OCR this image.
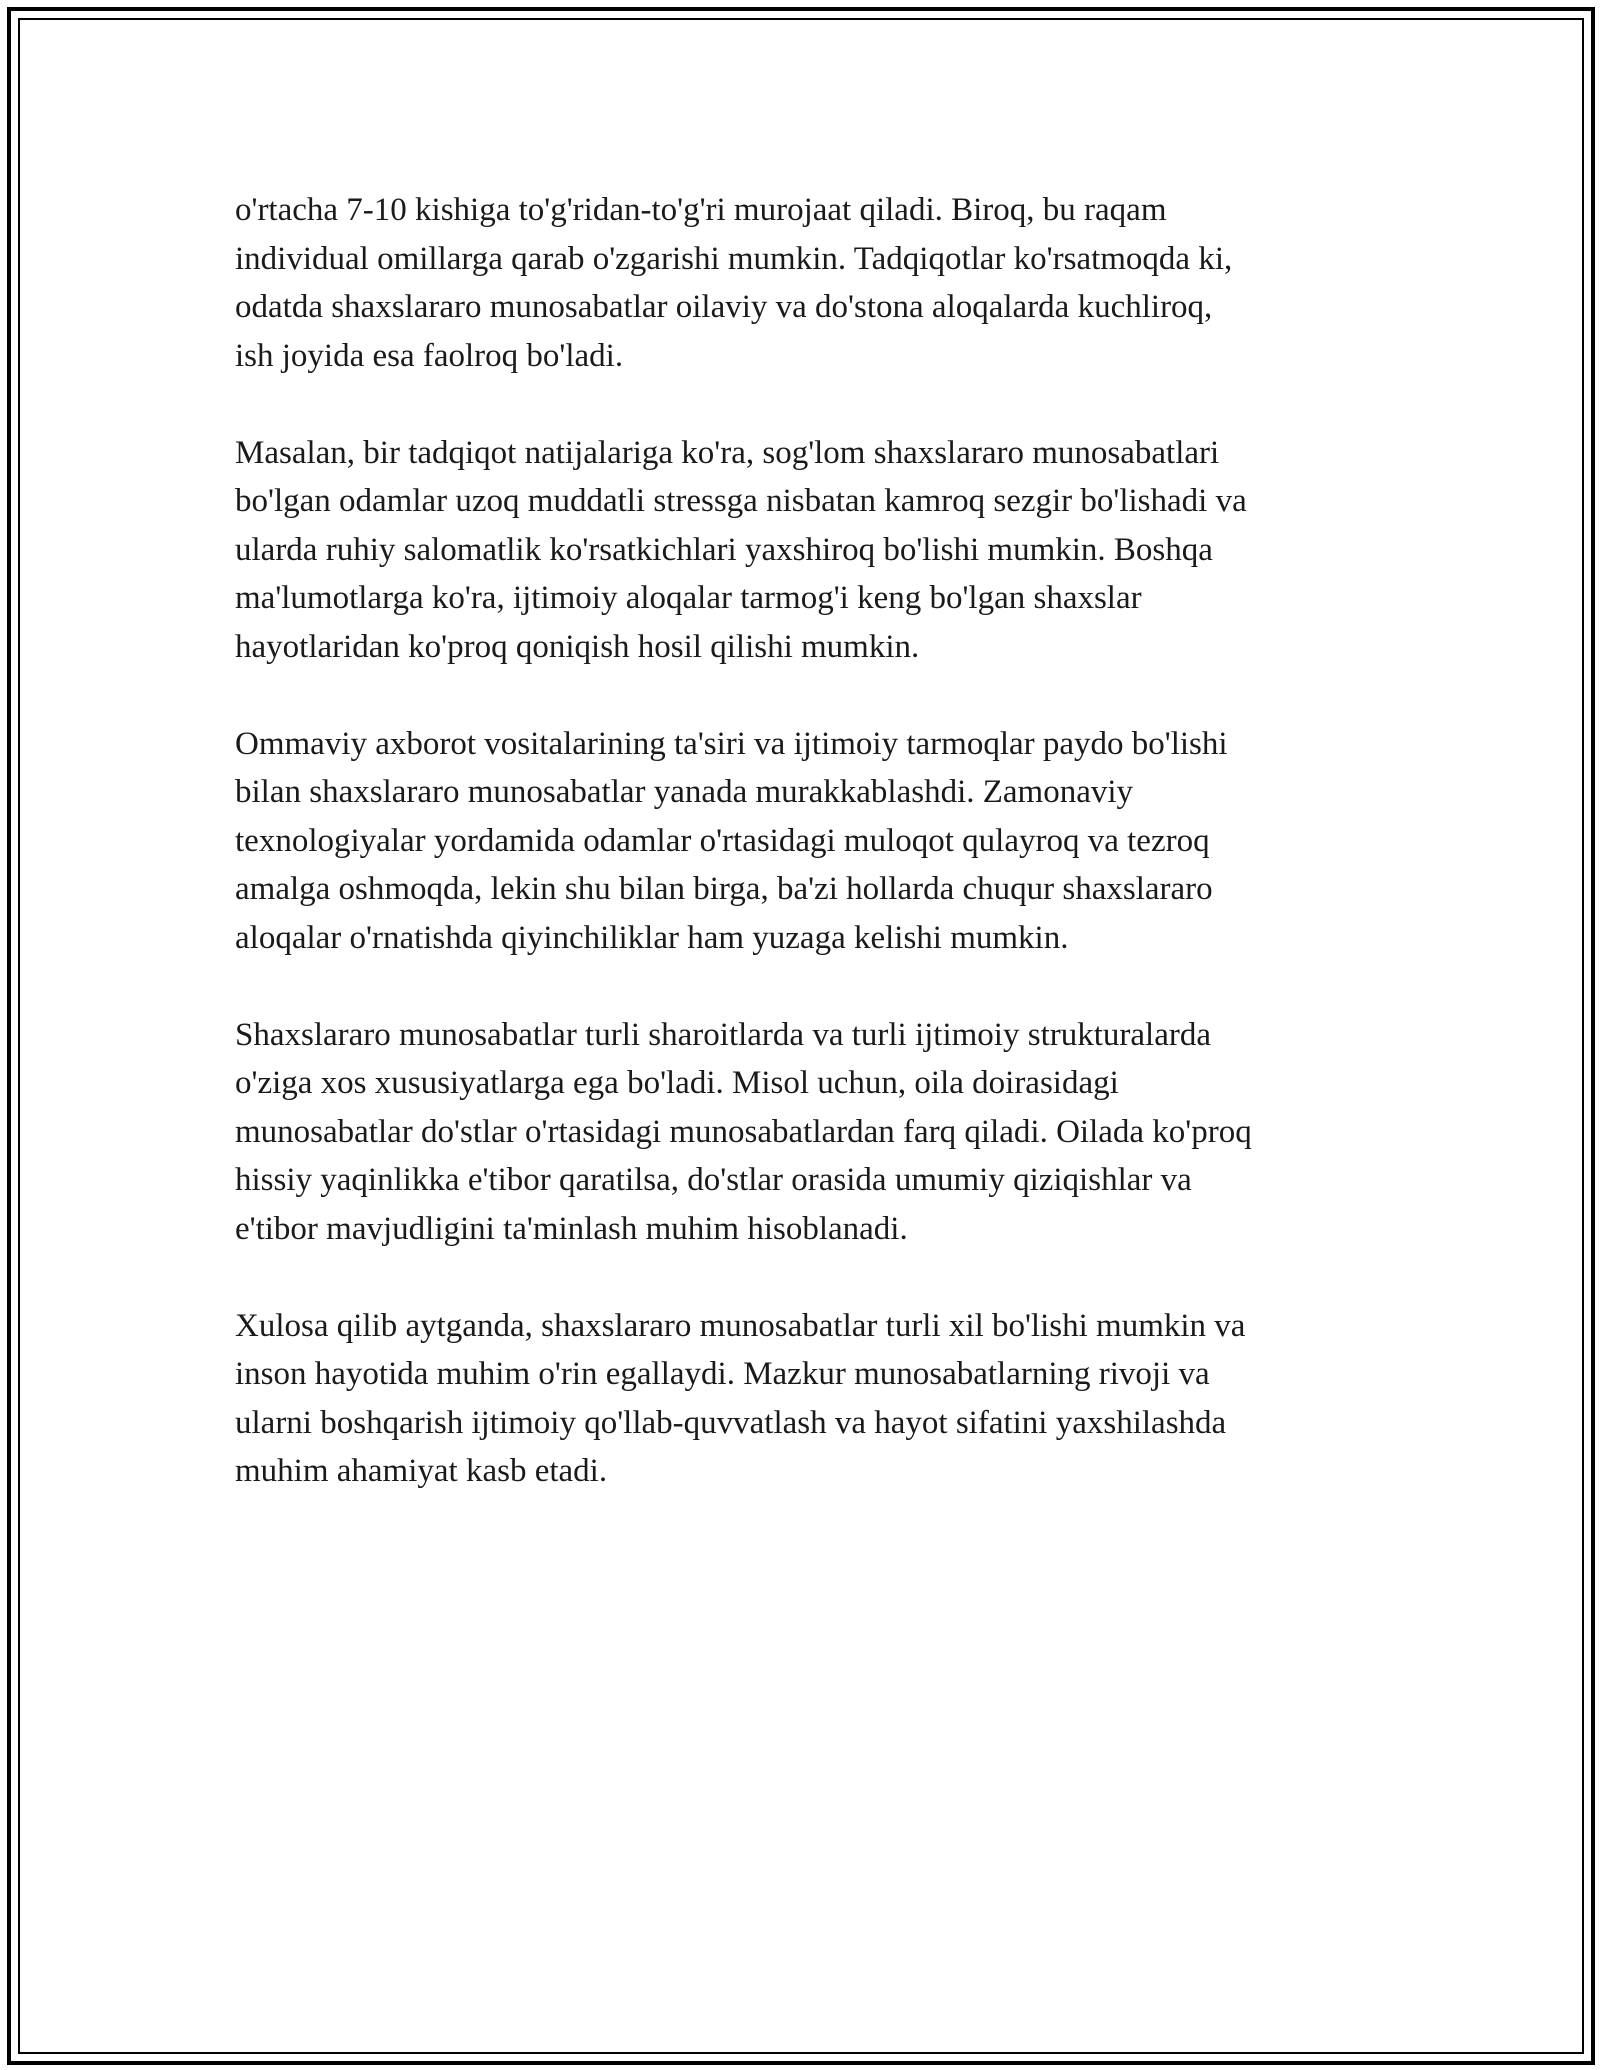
o'rtacha 7-10 kishiga to'g'ridan-to'g'ri murojaat qiladi. Biroq, bu raqam
individual omillarga qarab o'zgarishi mumkin. Tadqiqotlar ko'rsatmoqda ki,
odatda shaxslararo munosabatlar oilaviy va do'stona aloqalarda kuchliroq,
ish joyida esa faolroq bo'ladi.

Masalan, bir tadqiqot natijalariga ko'ra, sog'lom shaxslararo munosabatlari
bo'lgan odamlar uzoq muddatli stressga nisbatan kamroq sezgir bo'lishadi va
ularda ruhiy salomatlik ko'rsatkichlari yaxshiroq bo'lishi mumkin. Boshqa
ma'lumotlarga ko'ra, ijtimoiy aloqalar tarmog'i keng bo'lgan shaxslar
hayotlaridan ko'proq qoniqish hosil qilishi mumkin.

Ommaviy axborot vositalarining ta'siri va ijtimoiy tarmoqlar paydo bo'lishi
bilan shaxslararo munosabatlar yanada murakkablashdi. Zamonaviy
texnologiyalar yordamida odamlar o'rtasidagi muloqot qulayroq va tezroq
amalga oshmoqda, lekin shu bilan birga, ba'zi hollarda chuqur shaxslararo
aloqalar o'rnatishda qiyinchiliklar ham yuzaga kelishi mumkin.

Shaxslararo munosabatlar turli sharoitlarda va turli ijtimoiy strukturalarda
o'ziga xos xususiyatlarga ega bo'ladi. Misol uchun, oila doirasidagi
munosabatlar do'stlar o'rtasidagi munosabatlardan farq qiladi. Oilada ko'proq
hissiy yaqinlikka e'tibor qaratilsa, do'stlar orasida umumiy qiziqishlar va
e'tibor mavjudligini ta'minlash muhim hisoblanadi.

Xulosa qilib aytganda, shaxslararo munosabatlar turli xil bo'lishi mumkin va
inson hayotida muhim o'rin egallaydi. Mazkur munosabatlarning rivoji va
ularni boshqarish ijtimoiy qo'llab-quvvatlash va hayot sifatini yaxshilashda
muhim ahamiyat kasb etadi.
